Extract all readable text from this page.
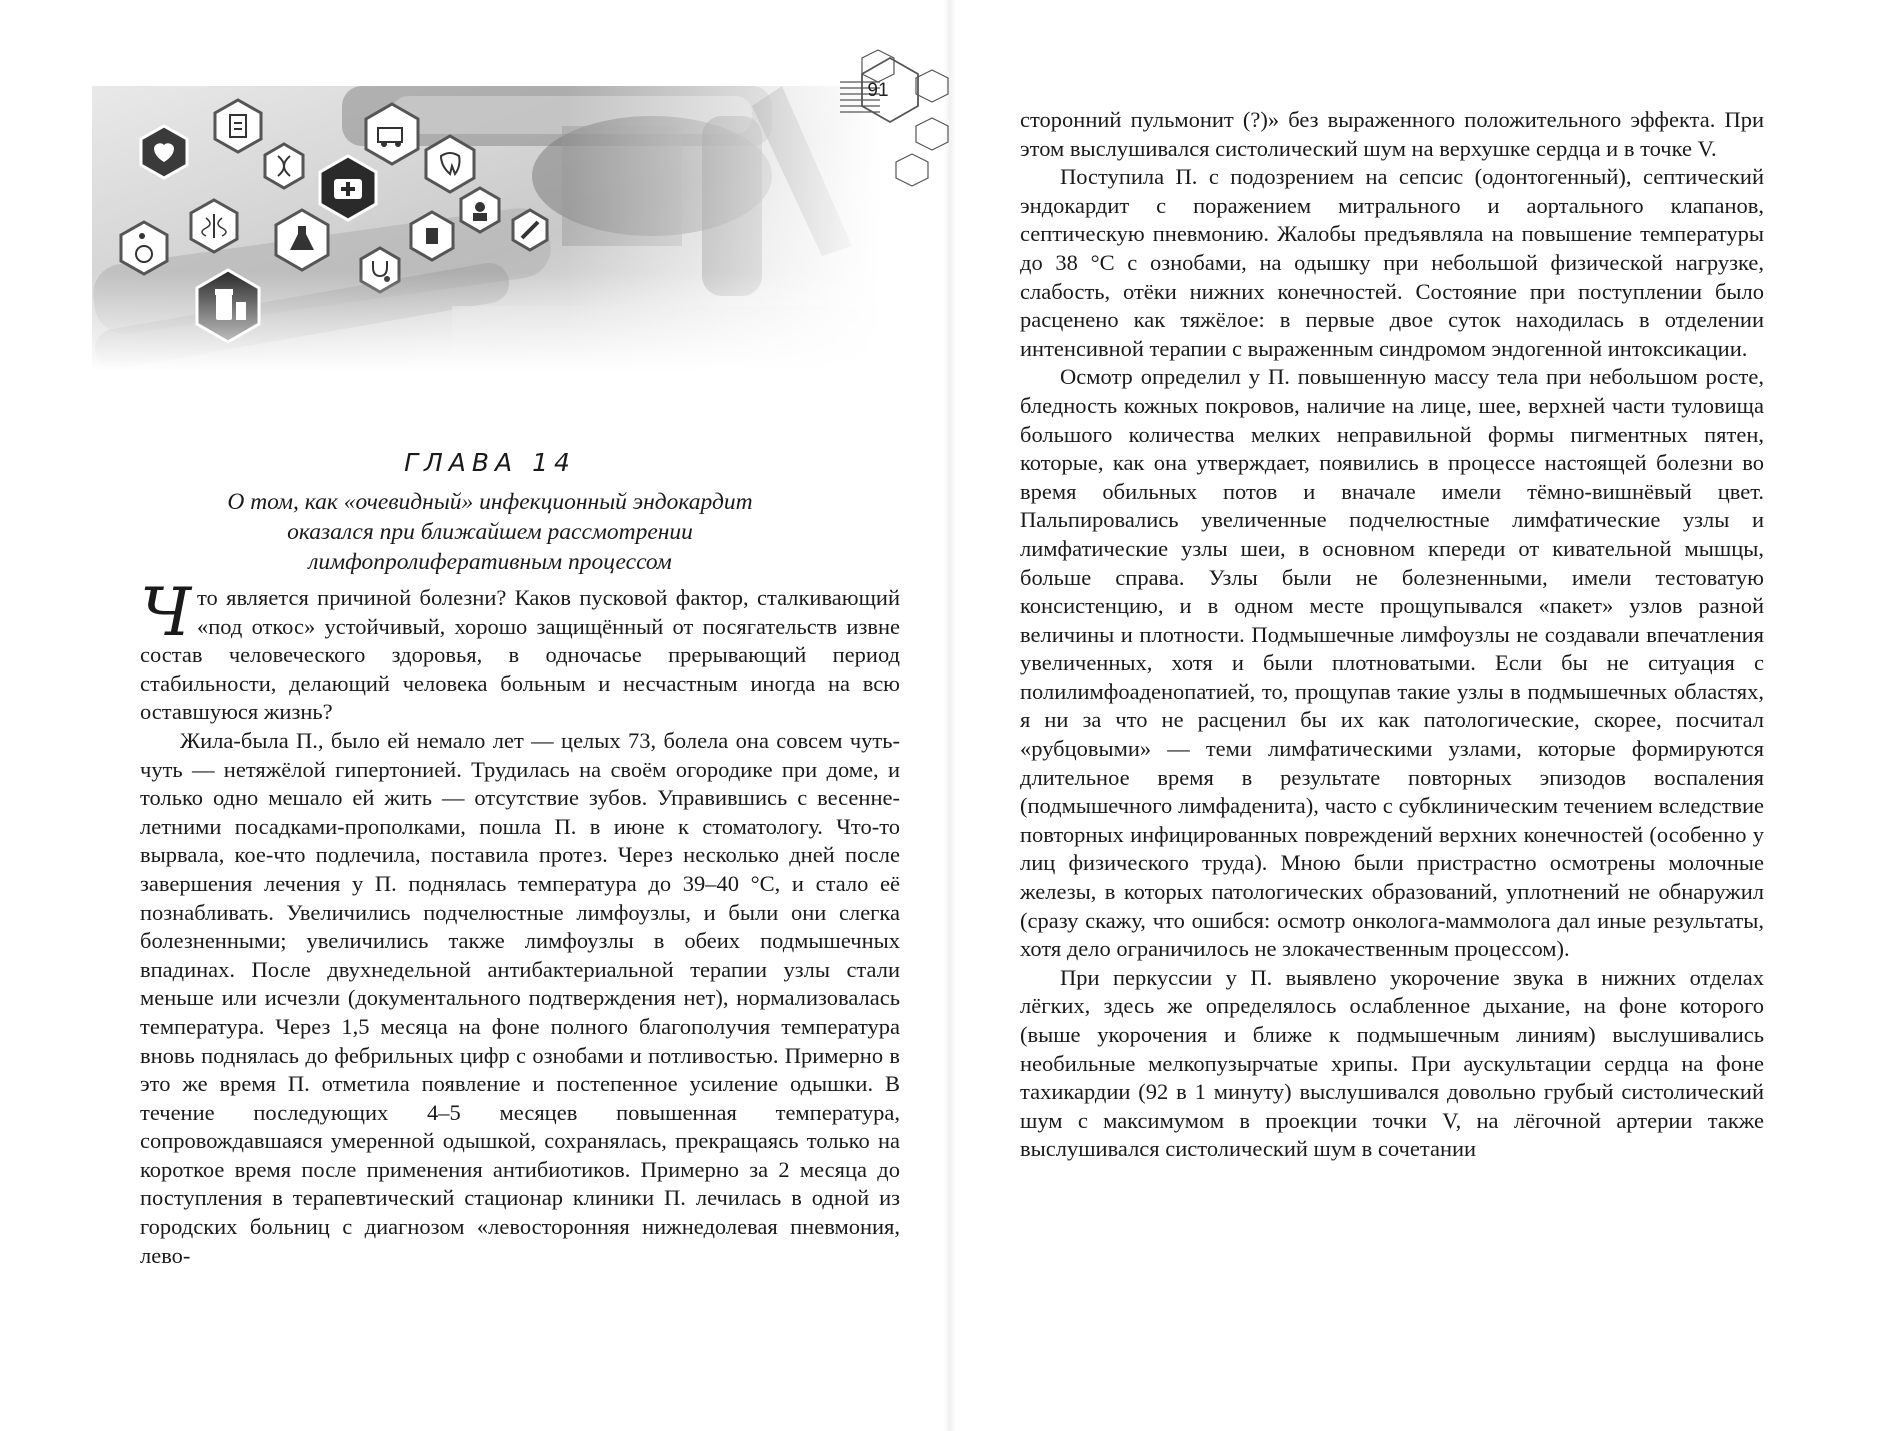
ГЛАВА 14
О том, как «очевидный» инфекционный эндокардит
оказался при ближайшем рассмотрении
лимфопролиферативным процессом

Что является причиной болезни? Каков пусковой фактор, сталкивающий «под откос» устойчивый, хорошо защищённый от посягательств извне состав человеческого здоровья, в одночасье прерывающий период стабильности, делающий человека больным и несчастным иногда на всю оставшуюся жизнь?

Жила-была П., было ей немало лет — целых 73, болела она совсем чуть-чуть — нетяжёлой гипертонией. Трудилась на своём огородике при доме, и только одно мешало ей жить — отсутствие зубов. Управившись с весенне-летними посадками-прополками, пошла П. в июне к стоматологу. Что-то вырвала, кое-что подлечила, поставила протез. Через несколько дней после завершения лечения у П. поднялась температура до 39–40 °С, и стало её познабливать. Увеличились подчелюстные лимфоузлы, и были они слегка болезненными; увеличились также лимфоузлы в обеих подмышечных впадинах. После двухнедельной антибактериальной терапии узлы стали меньше или исчезли (документального подтверждения нет), нормализовалась температура. Через 1,5 месяца на фоне полного благополучия температура вновь поднялась до фебрильных цифр с ознобами и потливостью. Примерно в это же время П. отметила появление и постепенное усиление одышки. В течение последующих 4–5 месяцев повышенная температура, сопровождавшаяся умеренной одышкой, сохранялась, прекращаясь только на короткое время после применения антибиотиков. Примерно за 2 месяца до поступления в терапевтический стационар клиники П. лечилась в одной из городских больниц с диагнозом «левосторонняя нижнедолевая пневмония, лево-

сторонний пульмонит (?)» без выраженного положительного эффекта. При этом выслушивался систолический шум на верхушке сердца и в точке V.

Поступила П. с подозрением на сепсис (одонтогенный), септический эндокардит с поражением митрального и аортального клапанов, септическую пневмонию. Жалобы предъявляла на повышение температуры до 38 °С с ознобами, на одышку при небольшой физической нагрузке, слабость, отёки нижних конечностей. Состояние при поступлении было расценено как тяжёлое: в первые двое суток находилась в отделении интенсивной терапии с выраженным синдромом эндогенной интоксикации.

Осмотр определил у П. повышенную массу тела при небольшом росте, бледность кожных покровов, наличие на лице, шее, верхней части туловища большого количества мелких неправильной формы пигментных пятен, которые, как она утверждает, появились в процессе настоящей болезни во время обильных потов и вначале имели тёмно-вишнёвый цвет. Пальпировались увеличенные подчелюстные лимфатические узлы и лимфатические узлы шеи, в основном кпереди от кивательной мышцы, больше справа. Узлы были не болезненными, имели тестоватую консистенцию, и в одном месте прощупывался «пакет» узлов разной величины и плотности. Подмышечные лимфоузлы не создавали впечатления увеличенных, хотя и были плотноватыми. Если бы не ситуация с полилимфоаденопатией, то, прощупав такие узлы в подмышечных областях, я ни за что не расценил бы их как патологические, скорее, посчитал «рубцовыми» — теми лимфатическими узлами, которые формируются длительное время в результате повторных эпизодов воспаления (подмышечного лимфаденита), часто с субклиническим течением вследствие повторных инфицированных повреждений верхних конечностей (особенно у лиц физического труда). Мною были пристрастно осмотрены молочные железы, в которых патологических образований, уплотнений не обнаружил (сразу скажу, что ошибся: осмотр онколога-маммолога дал иные результаты, хотя дело ограничилось не злокачественным процессом).

При перкуссии у П. выявлено укорочение звука в нижних отделах лёгких, здесь же определялось ослабленное дыхание, на фоне которого (выше укорочения и ближе к подмышечным линиям) выслушивались необильные мелкопузырчатые хрипы. При аускультации сердца на фоне тахикардии (92 в 1 минуту) выслушивался довольно грубый систолический шум с максимумом в проекции точки V, на лёгочной артерии также выслушивался систолический шум в сочетании

91
